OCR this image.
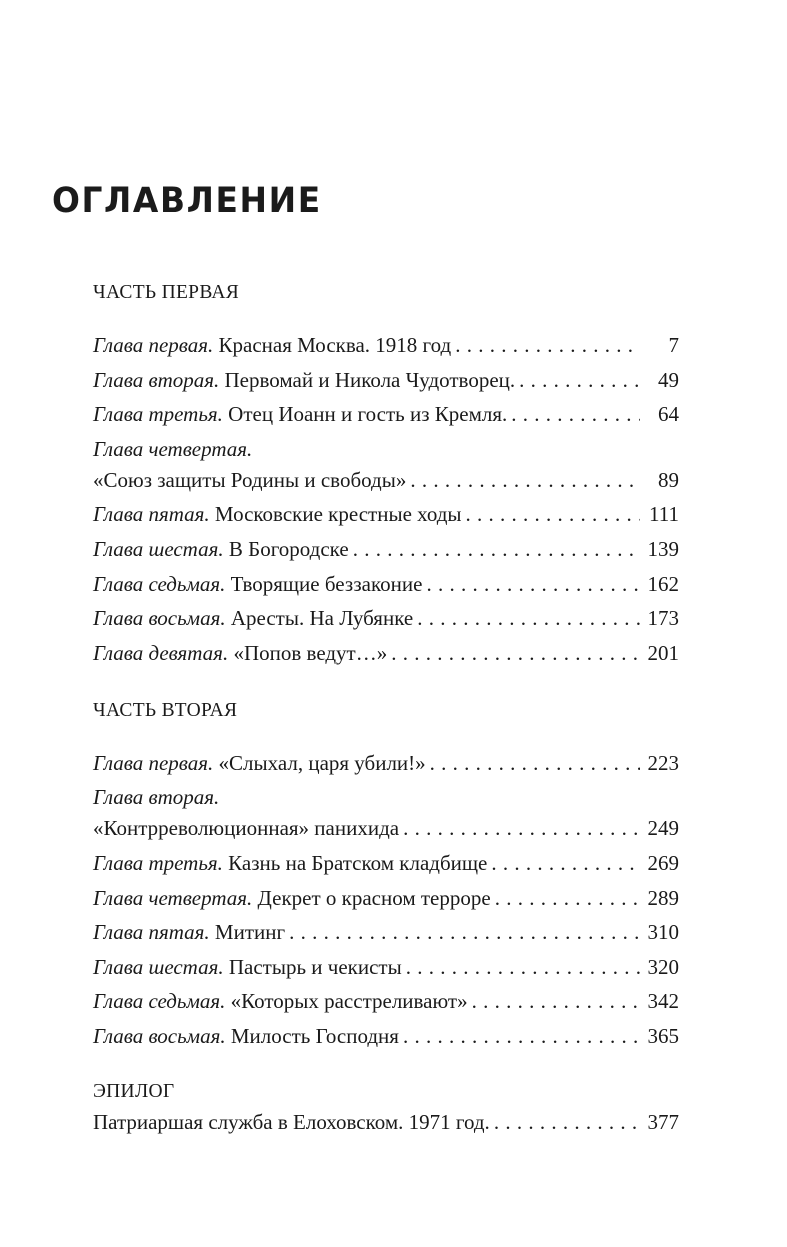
ОГЛАВЛЕНИЕ
ЧАСТЬ ПЕРВАЯ
Глава первая. Красная Москва. 1918 год . . .	7
Глава вторая. Первомай и Никола Чудотворец. . . .	49
Глава третья. Отец Иоанн и гость из Кремля. . . .	64
Глава четвертая.
«Союз защиты Родины и свободы» . . .	89
Глава пятая. Московские крестные ходы . . .	111
Глава шестая. В Богородске . . .	139
Глава седьмая. Творящие беззаконие . . .	162
Глава восьмая. Аресты. На Лубянке . . .	173
Глава девятая. «Попов ведут…» . . .	201
ЧАСТЬ ВТОРАЯ
Глава первая. «Слыхал, царя убили!» . . .	223
Глава вторая.
«Контрреволюционная» панихида . . .	249
Глава третья. Казнь на Братском кладбище . . .	269
Глава четвертая. Декрет о красном терроре . . .	289
Глава пятая. Митинг . . .	310
Глава шестая. Пастырь и чекисты . . .	320
Глава седьмая. «Которых расстреливают» . . .	342
Глава восьмая. Милость Господня . . .	365
ЭПИЛОГ
Патриаршая служба в Елоховском. 1971 год. . . .	377
